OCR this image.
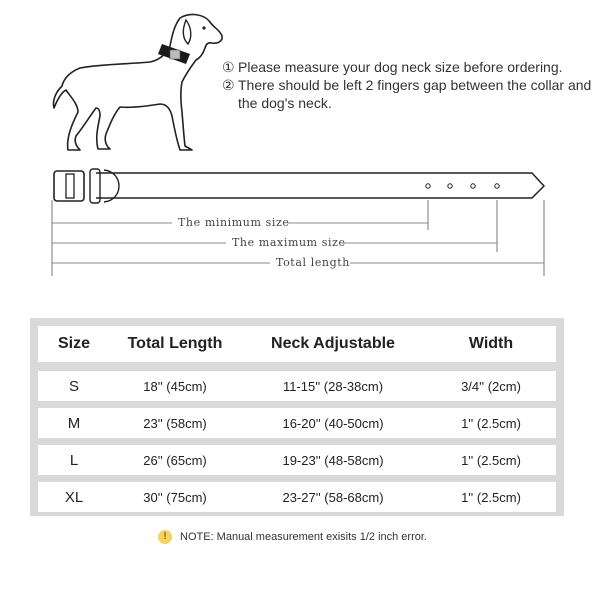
① Please measure your dog neck size before ordering.
② There should be left 2 fingers gap between the collar and the dog's neck.
The minimum size
The maximum size
Total length
Size	Total Length	Neck Adjustable	Width
S	18'' (45cm)	11-15'' (28-38cm)	3/4'' (2cm)
M	23'' (58cm)	16-20'' (40-50cm)	1'' (2.5cm)
L	26'' (65cm)	19-23'' (48-58cm)	1'' (2.5cm)
XL	30'' (75cm)	23-27'' (58-68cm)	1'' (2.5cm)
!	NOTE: Manual measurement exisits 1/2 inch error.
